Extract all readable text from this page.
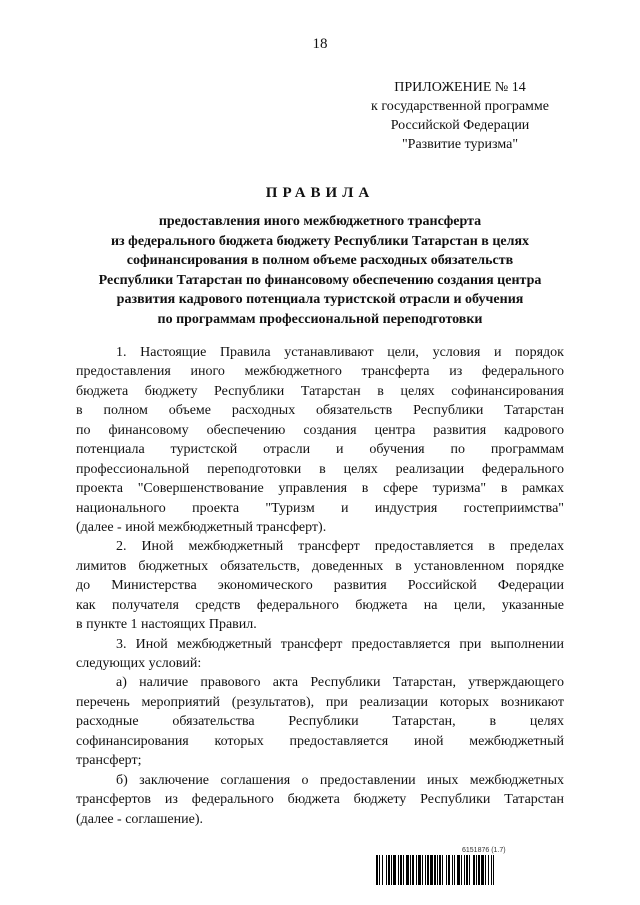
18
ПРИЛОЖЕНИЕ № 14
к государственной программе
Российской Федерации
"Развитие туризма"
ПРАВИЛА
предоставления иного межбюджетного трансферта
из федерального бюджета бюджету Республики Татарстан в целях
софинансирования в полном объеме расходных обязательств
Республики Татарстан по финансовому обеспечению создания центра
развития кадрового потенциала туристской отрасли и обучения
по программам профессиональной переподготовки
1. Настоящие Правила устанавливают цели, условия и порядок
предоставления иного межбюджетного трансферта из федерального
бюджета бюджету Республики Татарстан в целях софинансирования
в полном объеме расходных обязательств Республики Татарстан
по финансовому обеспечению создания центра развития кадрового
потенциала туристской отрасли и обучения по программам
профессиональной переподготовки в целях реализации федерального
проекта "Совершенствование управления в сфере туризма" в рамках
национального проекта "Туризм и индустрия гостеприимства"
(далее - иной межбюджетный трансферт).
2. Иной межбюджетный трансферт предоставляется в пределах
лимитов бюджетных обязательств, доведенных в установленном порядке
до Министерства экономического развития Российской Федерации
как получателя средств федерального бюджета на цели, указанные
в пункте 1 настоящих Правил.
3. Иной межбюджетный трансферт предоставляется при выполнении
следующих условий:
а) наличие правового акта Республики Татарстан, утверждающего
перечень мероприятий (результатов), при реализации которых возникают
расходные обязательства Республики Татарстан, в целях
софинансирования которых предоставляется иной межбюджетный
трансферт;
б) заключение соглашения о предоставлении иных межбюджетных
трансфертов из федерального бюджета бюджету Республики Татарстан
(далее - соглашение).
6151876 (1.7)
